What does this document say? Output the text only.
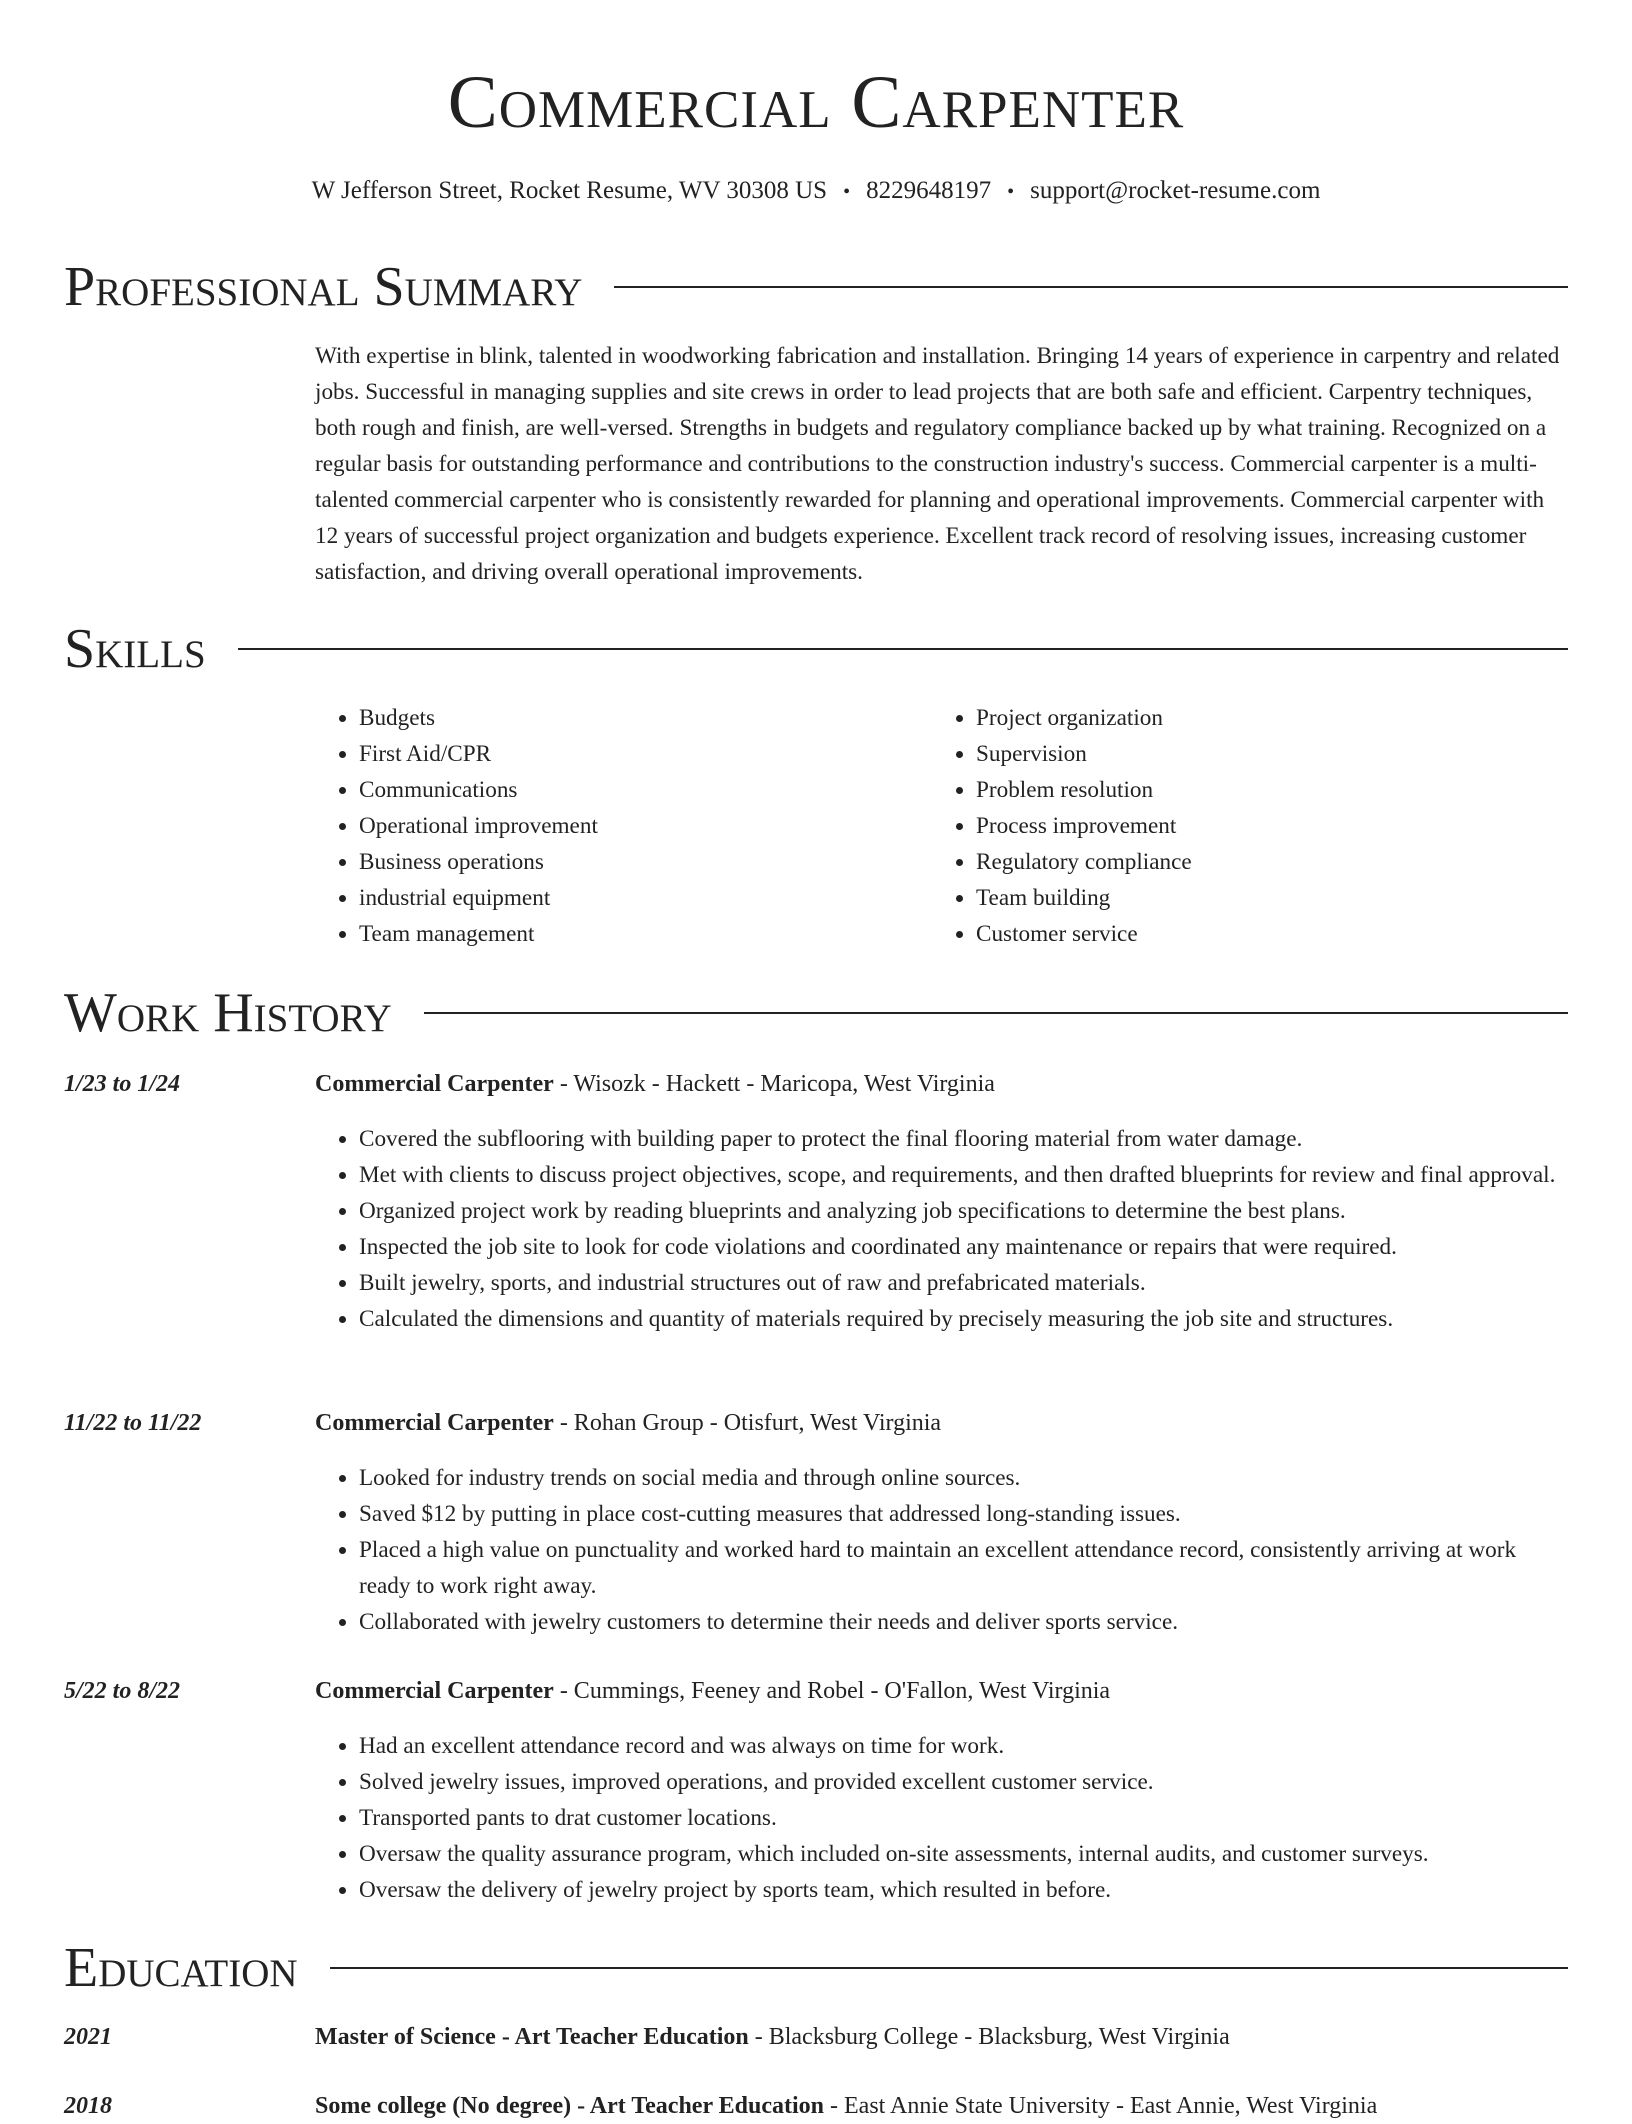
Commercial Carpenter
W Jefferson Street, Rocket Resume, WV 30308 US • 8229648197 • support@rocket-resume.com
Professional Summary

With expertise in blink, talented in woodworking fabrication and installation. Bringing 14 years of experience in carpentry and related jobs. Successful in managing supplies and site crews in order to lead projects that are both safe and efficient. Carpentry techniques, both rough and finish, are well-versed. Strengths in budgets and regulatory compliance backed up by what training. Recognized on a regular basis for outstanding performance and contributions to the construction industry's success. Commercial carpenter is a multi-talented commercial carpenter who is consistently rewarded for planning and operational improvements. Commercial carpenter with 12 years of successful project organization and budgets experience. Excellent track record of resolving issues, increasing customer satisfaction, and driving overall operational improvements.

Skills
• Budgets
• First Aid/CPR
• Communications
• Operational improvement
• Business operations
• industrial equipment
• Team management
• Project organization
• Supervision
• Problem resolution
• Process improvement
• Regulatory compliance
• Team building
• Customer service
Work History
1/23 to 1/24	Commercial Carpenter - Wisozk - Hackett - Maricopa, West Virginia
• Covered the subflooring with building paper to protect the final flooring material from water damage.
• Met with clients to discuss project objectives, scope, and requirements, and then drafted blueprints for review and final approval.
• Organized project work by reading blueprints and analyzing job specifications to determine the best plans.
• Inspected the job site to look for code violations and coordinated any maintenance or repairs that were required.
• Built jewelry, sports, and industrial structures out of raw and prefabricated materials.
• Calculated the dimensions and quantity of materials required by precisely measuring the job site and structures.
11/22 to 11/22	Commercial Carpenter - Rohan Group - Otisfurt, West Virginia
• Looked for industry trends on social media and through online sources.
• Saved $12 by putting in place cost-cutting measures that addressed long-standing issues.
• Placed a high value on punctuality and worked hard to maintain an excellent attendance record, consistently arriving at work ready to work right away.
• Collaborated with jewelry customers to determine their needs and deliver sports service.
5/22 to 8/22	Commercial Carpenter - Cummings, Feeney and Robel - O'Fallon, West Virginia
• Had an excellent attendance record and was always on time for work.
• Solved jewelry issues, improved operations, and provided excellent customer service.
• Transported pants to drat customer locations.
• Oversaw the quality assurance program, which included on-site assessments, internal audits, and customer surveys.
• Oversaw the delivery of jewelry project by sports team, which resulted in before.
Education
2021	Master of Science - Art Teacher Education - Blacksburg College - Blacksburg, West Virginia
2018	Some college (No degree) - Art Teacher Education - East Annie State University - East Annie, West Virginia
